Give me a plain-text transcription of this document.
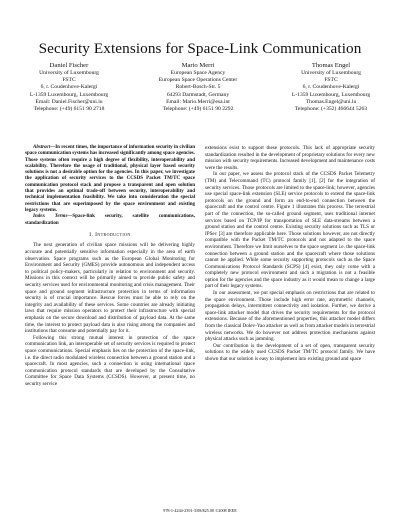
Security Extensions for Space-Link Communication
Daniel Fischer
University of Luxembourg
FSTC
6, r. Coudenhove-Kalergi
L-1359 Luxembourg, Luxembourg
Email: Daniel.Fischer@uni.lu
Telephone: (+49) 6151 90 2718
Mario Merri
European Space Agency
European Space Operations Center
Robert-Bosch-Str. 5
64293 Darmstadt, Germany
Email: Mario.Merri@esa.int
Telephone: (+49) 6151 90 2292
Thomas Engel
University of Luxembourg
FSTC
6, r. Coudenhove-Kalergi
L-1359 Luxembourg, Luxembourg
Thomas.Engel@uni.lu
Telephone: (+352) 466644 5263

Abstract—In recent times, the importance of information security in civilian space communication systems has increased significantly among space agencies. Those systems often require a high degree of flexibility, interoperability and scalability. Therefore the usage of traditional, physical layer based security solutions is not a desirable option for the agencies. In this paper, we investigate the application of security services to the CCSDS Packet TM/TC space communication protocol stack and propose a transparent and open solution that provides an optimal trade-off between security, interoperability and technical implementation feasibility. We take into consideration the special restrictions that are superimposed by the space environment and existing legacy systems.

Index Terms—Space-link security, satellite communications, standardization

I. Introduction

The next generation of civilian space missions will be delivering highly accurate and potentially sensitive information especially in the area of earth observation. Space programs such as the European Global Monitoring for Environment and Security (GMES) provide autonomous and independent access to political policy-makers, particularly in relation to environment and security. Missions in this context will be primarily aimed to provide public safety and security services used for environmental monitoring and crisis management. Their space and ground segment infrastructure protection in terms of information security is of crucial importance. Rescue forces must be able to rely on the integrity and availability of these services. Some countries are already initiating laws that require mission operators to protect their infrastructure with special emphasis on the secure download and distribution of payload data. At the same time, the interest to protect payload data is also rising among the companies and institutions that consume and potentially pay for it.

Following this strong mutual interest in protection of the space communication link, an interoperable set of security services is required to protect space communications. Special emphasis lies on the protection of the space-link, i.e. the direct radio modulated wireless connection between a ground station and a spacecraft. In most agencies, such a connection is using international space communication protocol standards that are developed by the Consultative Committee for Space Data Systems (CCSDS). However, at present time, no security service

extensions exist to support these protocols. This lack of appropriate security standardization resulted in the development of proprietary solutions for every new mission with security requirements. Increased development and maintenance costs were the results.

In our paper, we assess the protocol stack of the CCSDS Packet Telemetry (TM) and Telecommand (TC) protocol family [1], [2] for the integration of security services. Those protocols are limited to the space-link; however, agencies use special space-link extension (SLE) service protocols to extend the space-link protocols on the ground and form an end-to-end connection between the spacecraft and the control centre. Figure 1 illustrates this process. The terrestrial part of the connection, the so-called ground segment, uses traditional internet services based on TCP/IP for transportation of SLE data-streams between a ground station and the control centre. Existing security solutions such as TLS or IPSec [3] are therefore applicable here. Those solutions however, are not directly compatible with the Packet TM/TC protocols and not adapted to the space environment. Therefore we limit ourselves to the space segment i.e. the space-link connection between a ground station and the spacecraft where those solutions cannot be applied. While some security supporting protocols such as the Space Communications Protocol Standards (SCPS) [4] exist, they only come with a completely new protocol environment and such a migration is not a feasible option for the agencies and the space industry as it would mean to change a large part of their legacy systems.

In our assessment, we put special emphasis on restrictions that are related to the space environment. Those include high error rate, asymmetric channels, propagation delays, intermittent connectivity and isolation. Further, we derive a space-link attacker model that drives the security requirements for the protocol extensions. Because of the aforementioned properties, this attacker model differs from the classical Dolev-Yao attacker as well as from attacker models in terrestrial wireless networks. We do however not address protection mechanisms against physical attacks such as jamming.

Our contribution is the development of a set of open, transparent security solutions to the widely used CCSDS Packet TM/TC protocol family. We have shown that our solution is easy to implement into existing ground and space

978-1-4244-2391-3/08/$25.00 ©2008 IEEE
